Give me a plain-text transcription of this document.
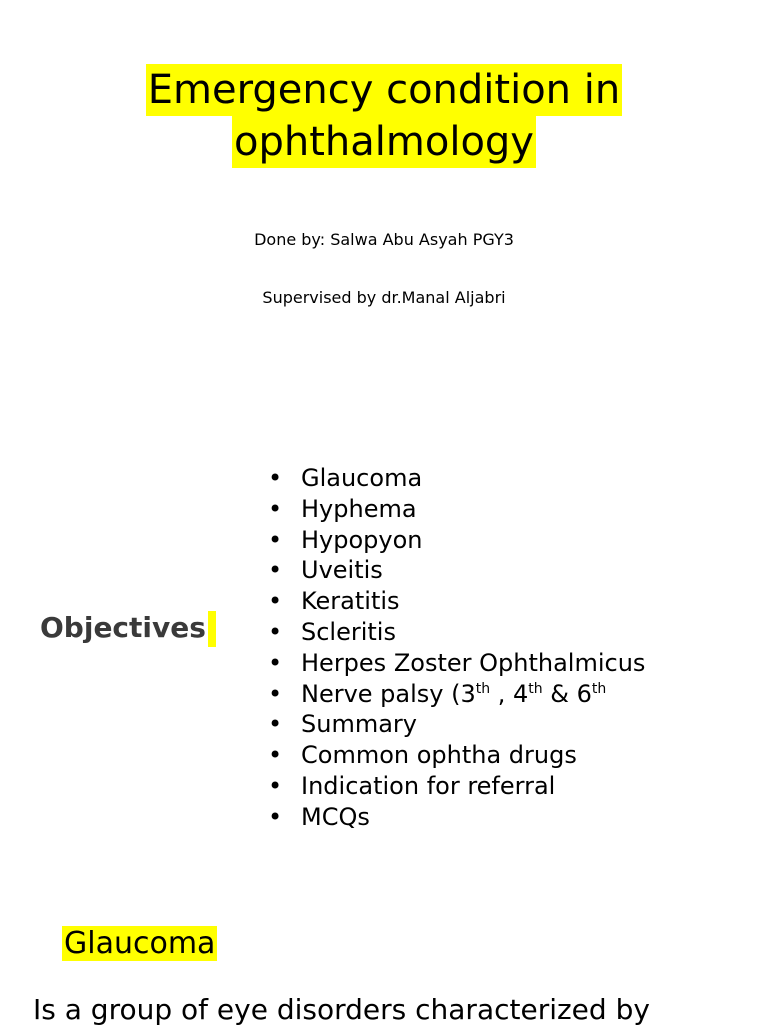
Emergency condition in
ophthalmology
Done by: Salwa Abu Asyah PGY3
Supervised by dr.Manal Aljabri
Objectives
• Glaucoma
• Hyphema
• Hypopyon
• Uveitis
• Keratitis
• Scleritis
• Herpes Zoster Ophthalmicus
• Nerve palsy (3th , 4th & 6th
• Summary
• Common ophtha drugs
• Indication for referral
• MCQs
Glaucoma
Is a group of eye disorders characterized by
